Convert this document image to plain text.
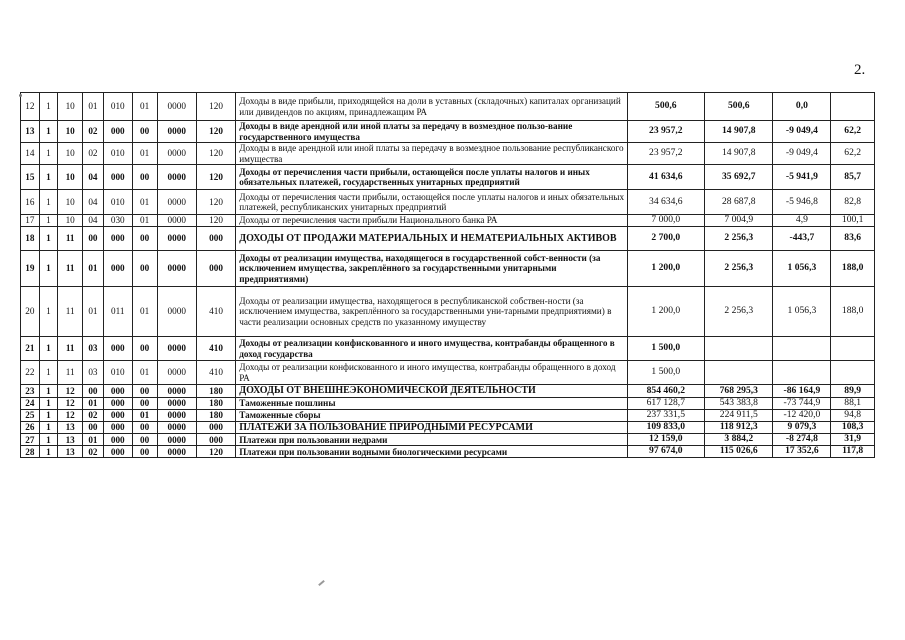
2.
12	1	10	01	010	01	0000	120	Доходы в виде прибыли, приходящейся на доли в уставных (складочных) капиталах организаций или дивидендов по акциям, принадлежащим РА	500,6	500,6	0,0	
13	1	10	02	000	00	0000	120	Доходы в виде арендной или иной платы за передачу в возмездное пользо-вание государственного имущества	23 957,2	14 907,8	-9 049,4	62,2
14	1	10	02	010	01	0000	120	Доходы в виде арендной или иной платы за передачу в возмездное пользование республиканского имущества	23 957,2	14 907,8	-9 049,4	62,2
15	1	10	04	000	00	0000	120	Доходы от перечисления части прибыли, остающейся после уплаты налогов и иных обязательных платежей, государственных унитарных предприятий	41 634,6	35 692,7	-5 941,9	85,7
16	1	10	04	010	01	0000	120	Доходы от перечисления части прибыли, остающейся после уплаты налогов и иных обязательных платежей, республиканских унитарных предприятий	34 634,6	28 687,8	-5 946,8	82,8
17	1	10	04	030	01	0000	120	Доходы от перечисления части прибыли Национального банка РА	7 000,0	7 004,9	4,9	100,1
18	1	11	00	000	00	0000	000	ДОХОДЫ ОТ ПРОДАЖИ МАТЕРИАЛЬНЫХ И НЕМАТЕРИАЛЬНЫХ АКТИВОВ	2 700,0	2 256,3	-443,7	83,6
19	1	11	01	000	00	0000	000	Доходы от реализации имущества, находящегося в государственной собст-венности (за исключением имущества, закреплённого за государственными унитарными предприятиями)	1 200,0	2 256,3	1 056,3	188,0
20	1	11	01	011	01	0000	410	Доходы от реализации имущества, находящегося в республиканской собствен-ности (за исключением имущества, закреплённого за государственными уни-тарными предприятиями) в части реализации основных средств по указанному имуществу	1 200,0	2 256,3	1 056,3	188,0
21	1	11	03	000	00	0000	410	Доходы от реализации конфискованного и иного имущества, контрабанды обращенного в доход государства	1 500,0			
22	1	11	03	010	01	0000	410	Доходы от реализации конфискованного и иного имущества, контрабанды обращенного в доход РА	1 500,0			
23	1	12	00	000	00	0000	180	ДОХОДЫ ОТ ВНЕШНЕЭКОНОМИЧЕСКОЙ ДЕЯТЕЛЬНОСТИ	854 460,2	768 295,3	-86 164,9	89,9
24	1	12	01	000	00	0000	180	Таможенные пошлины	617 128,7	543 383,8	-73 744,9	88,1
25	1	12	02	000	01	0000	180	Таможенные сборы	237 331,5	224 911,5	-12 420,0	94,8
26	1	13	00	000	00	0000	000	ПЛАТЕЖИ ЗА ПОЛЬЗОВАНИЕ ПРИРОДНЫМИ РЕСУРСАМИ	109 833,0	118 912,3	9 079,3	108,3
27	1	13	01	000	00	0000	000	Платежи при пользовании недрами	12 159,0	3 884,2	-8 274,8	31,9
28	1	13	02	000	00	0000	120	Платежи при пользовании водными биологическими ресурсами	97 674,0	115 026,6	17 352,6	117,8
